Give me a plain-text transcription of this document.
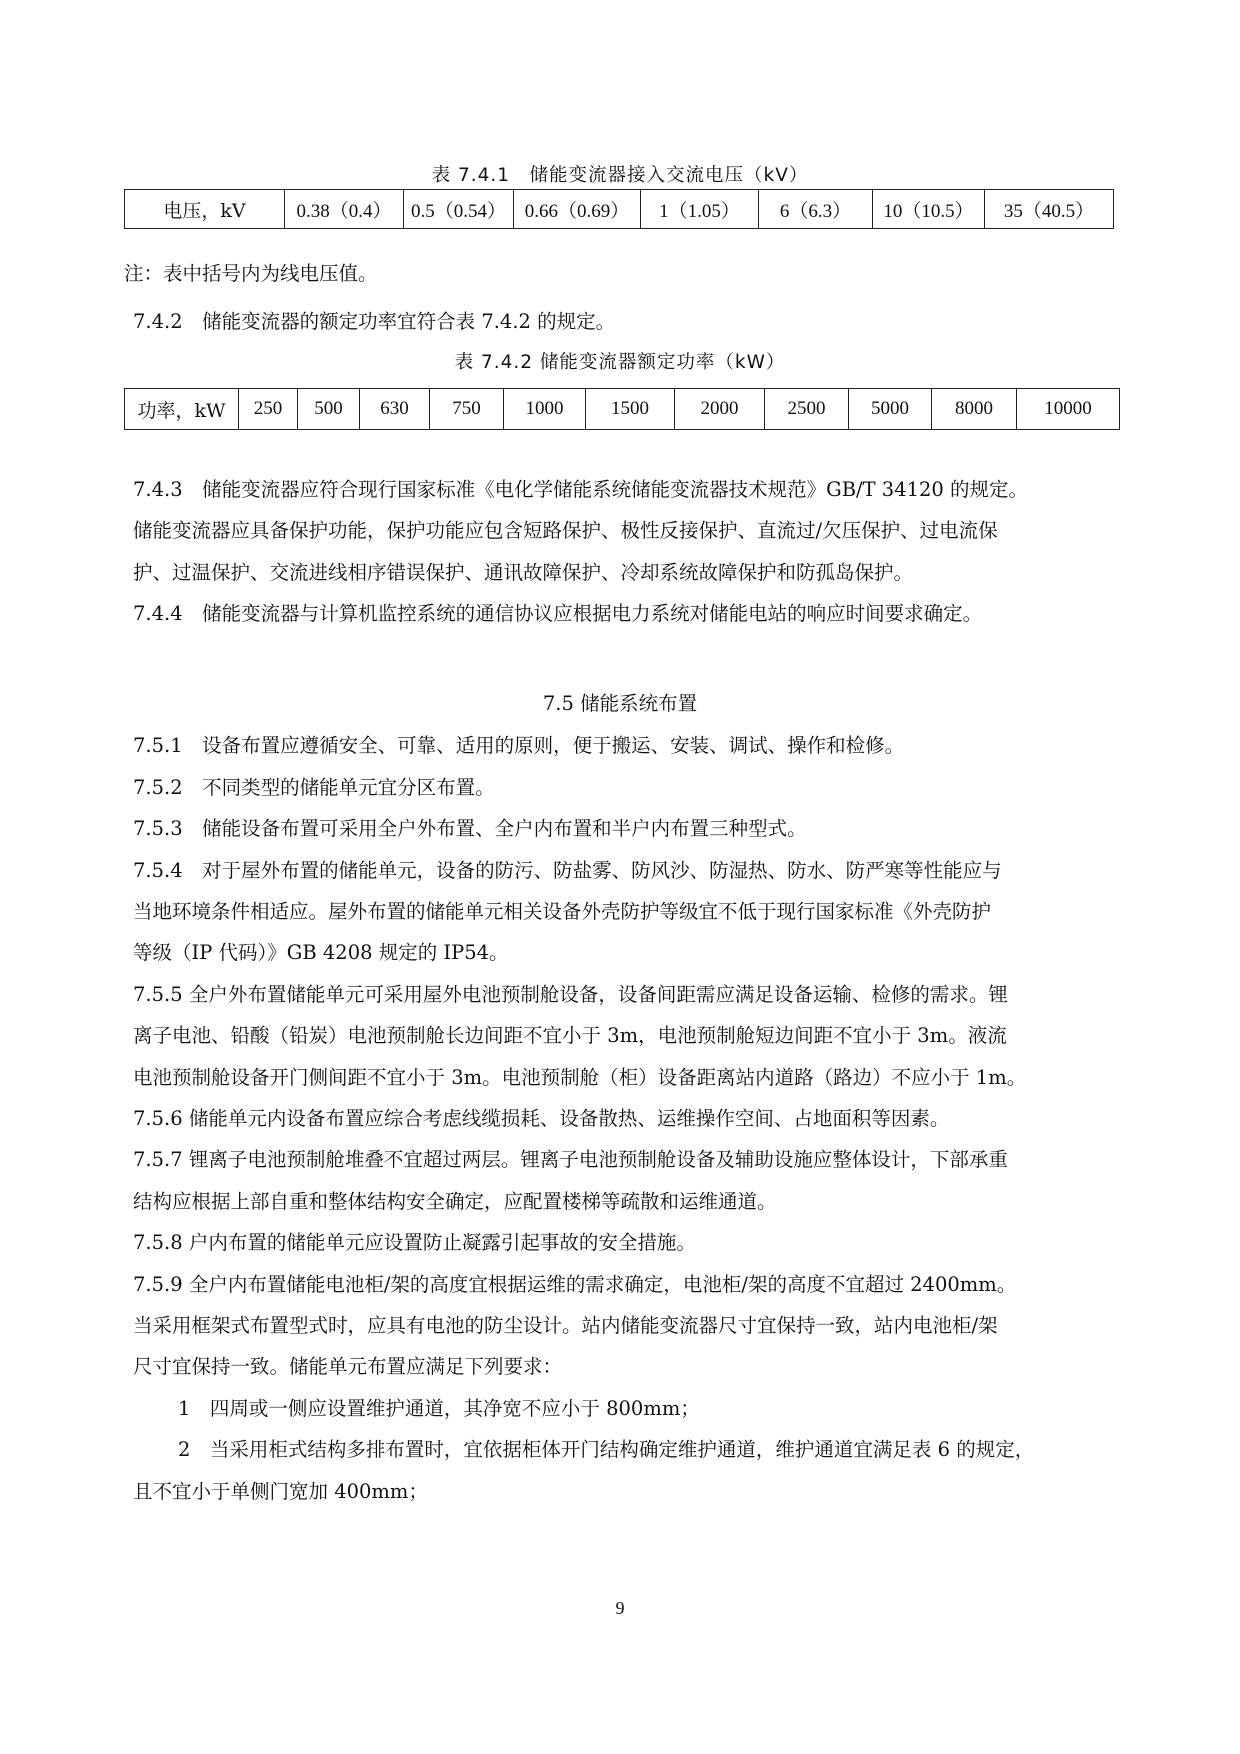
表 7.4.1　储能变流器接入交流电压（kV）
电压，kV	0.38（0.4）	0.5（0.54）	0.66（0.69）	1（1.05）	6（6.3）	10（10.5）	35（40.5）
注：表中括号内为线电压值。
7.4.2　储能变流器的额定功率宜符合表 7.4.2 的规定。
表 7.4.2 储能变流器额定功率（kW）
功率，kW	250	500	630	750	1000	1500	2000	2500	5000	8000	10000
7.4.3　储能变流器应符合现行国家标准《电化学储能系统储能变流器技术规范》GB/T 34120 的规定。
储能变流器应具备保护功能，保护功能应包含短路保护、极性反接保护、直流过/欠压保护、过电流保
护、过温保护、交流进线相序错误保护、通讯故障保护、冷却系统故障保护和防孤岛保护。
7.4.4　储能变流器与计算机监控系统的通信协议应根据电力系统对储能电站的响应时间要求确定。
7.5 储能系统布置
7.5.1　设备布置应遵循安全、可靠、适用的原则，便于搬运、安装、调试、操作和检修。
7.5.2　不同类型的储能单元宜分区布置。
7.5.3　储能设备布置可采用全户外布置、全户内布置和半户内布置三种型式。
7.5.4　对于屋外布置的储能单元，设备的防污、防盐雾、防风沙、防湿热、防水、防严寒等性能应与
当地环境条件相适应。屋外布置的储能单元相关设备外壳防护等级宜不低于现行国家标准《外壳防护
等级（IP 代码）》GB 4208 规定的 IP54。
7.5.5 全户外布置储能单元可采用屋外电池预制舱设备，设备间距需应满足设备运输、检修的需求。锂
离子电池、铅酸（铅炭）电池预制舱长边间距不宜小于 3m，电池预制舱短边间距不宜小于 3m。液流
电池预制舱设备开门侧间距不宜小于 3m。电池预制舱（柜）设备距离站内道路（路边）不应小于 1m。
7.5.6 储能单元内设备布置应综合考虑线缆损耗、设备散热、运维操作空间、占地面积等因素。
7.5.7 锂离子电池预制舱堆叠不宜超过两层。锂离子电池预制舱设备及辅助设施应整体设计，下部承重
结构应根据上部自重和整体结构安全确定，应配置楼梯等疏散和运维通道。
7.5.8 户内布置的储能单元应设置防止凝露引起事故的安全措施。
7.5.9 全户内布置储能电池柜/架的高度宜根据运维的需求确定，电池柜/架的高度不宜超过 2400mm。
当采用框架式布置型式时，应具有电池的防尘设计。站内储能变流器尺寸宜保持一致，站内电池柜/架
尺寸宜保持一致。储能单元布置应满足下列要求：
1　四周或一侧应设置维护通道，其净宽不应小于 800mm；
2　当采用柜式结构多排布置时，宜依据柜体开门结构确定维护通道，维护通道宜满足表 6 的规定，
且不宜小于单侧门宽加 400mm；
9
